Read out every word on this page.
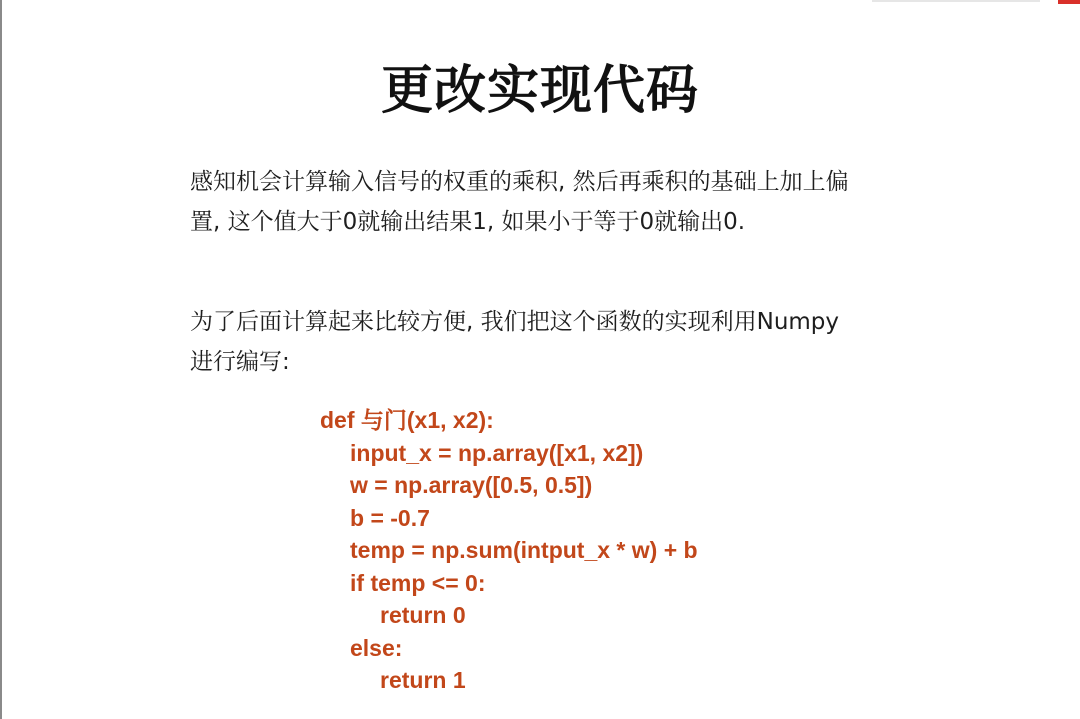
更改实现代码
感知机会计算输入信号的权重的乘积, 然后再乘积的基础上加上偏置, 这个值大于0就输出结果1, 如果小于等于0就输出0.
为了后面计算起来比较方便, 我们把这个函数的实现利用Numpy进行编写:
def 与门(x1, x2):
input_x = np.array([x1, x2])
w = np.array([0.5, 0.5])
b = -0.7
temp = np.sum(intput_x * w) + b
if temp <= 0:
return 0
else:
return 1
